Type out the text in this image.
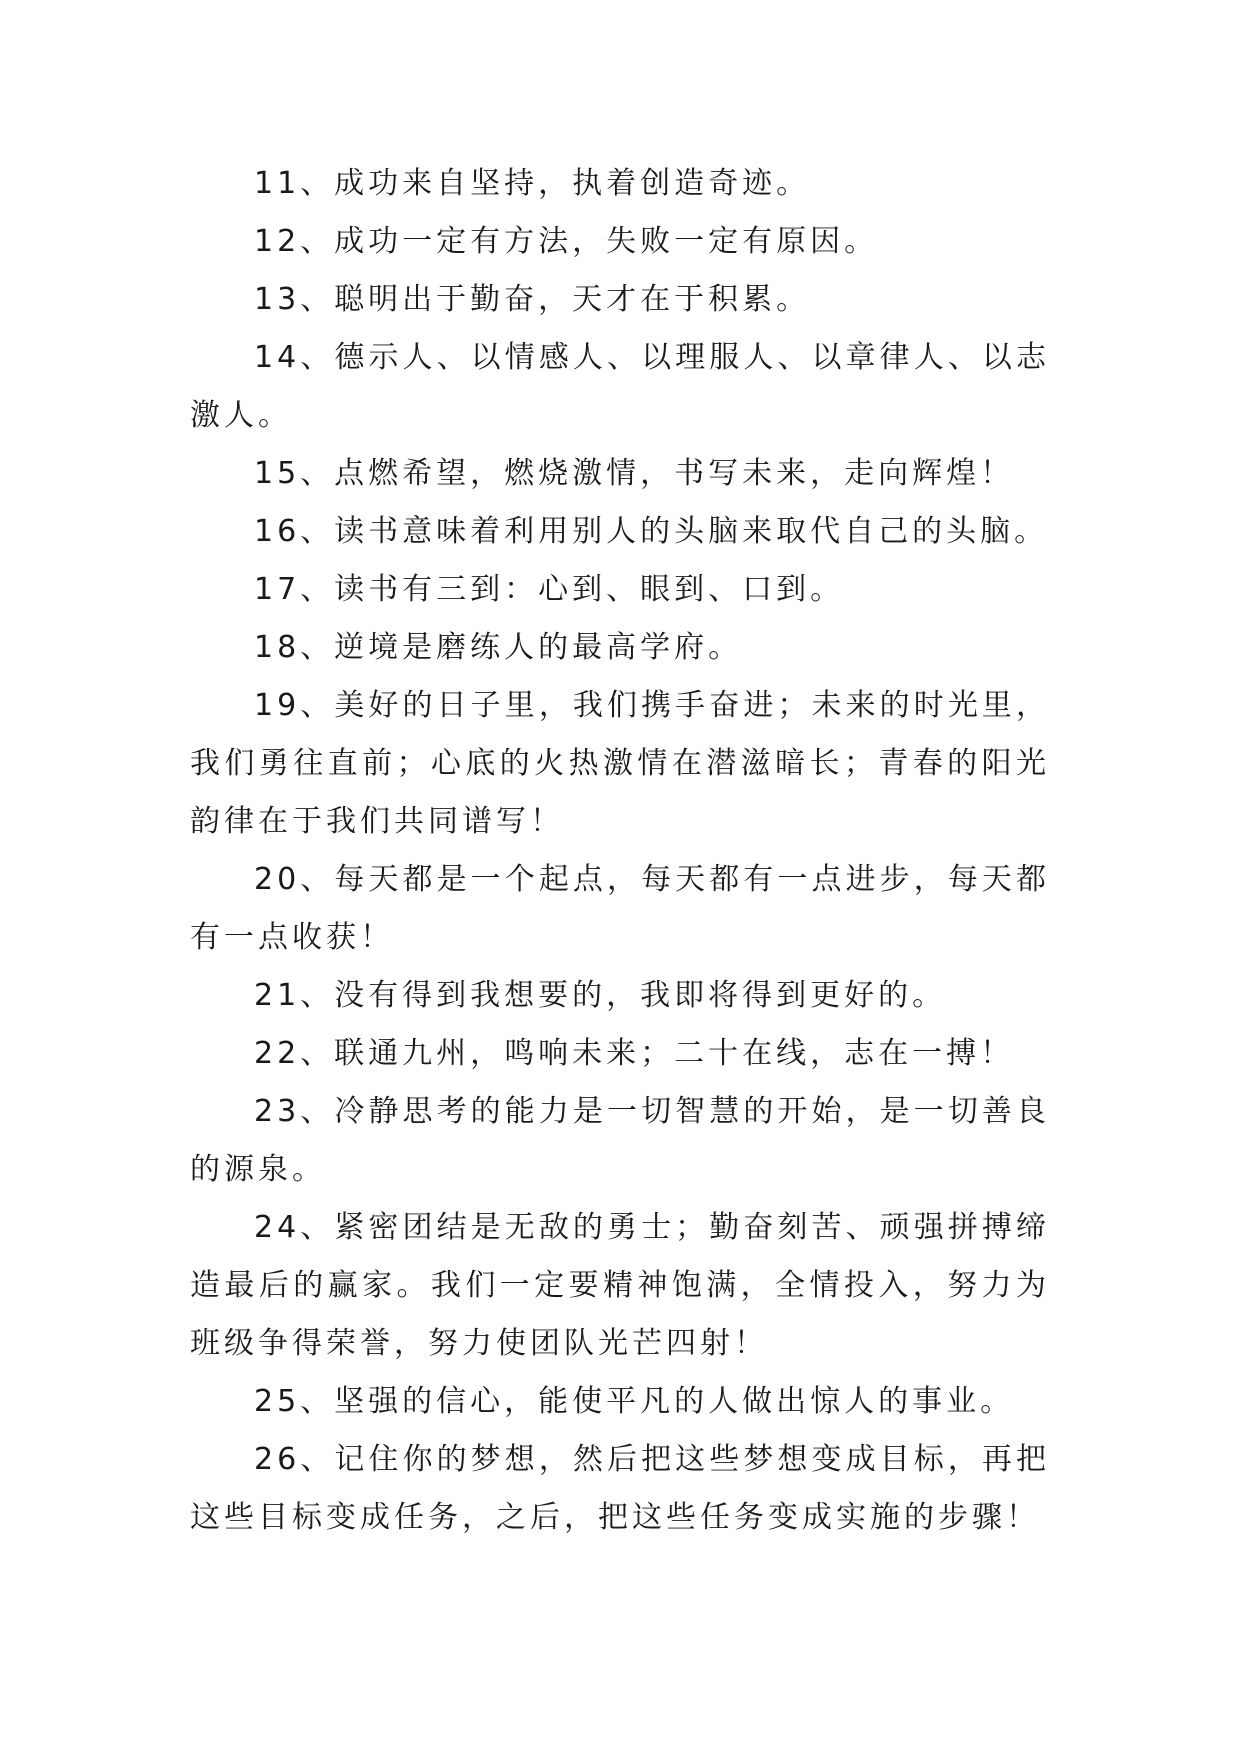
11、成功来自坚持，执着创造奇迹。

12、成功一定有方法，失败一定有原因。

13、聪明出于勤奋，天才在于积累。

14、德示人、以情感人、以理服人、以章律人、以志激人。

15、点燃希望，燃烧激情，书写未来，走向辉煌！

16、读书意味着利用别人的头脑来取代自己的头脑。

17、读书有三到：心到、眼到、口到。

18、逆境是磨练人的最高学府。

19、美好的日子里，我们携手奋进；未来的时光里，我们勇往直前；心底的火热激情在潜滋暗长；青春的阳光韵律在于我们共同谱写！

20、每天都是一个起点，每天都有一点进步，每天都有一点收获！

21、没有得到我想要的，我即将得到更好的。

22、联通九州，鸣响未来；二十在线，志在一搏！

23、冷静思考的能力是一切智慧的开始，是一切善良的源泉。

24、紧密团结是无敌的勇士；勤奋刻苦、顽强拼搏缔造最后的赢家。我们一定要精神饱满，全情投入，努力为班级争得荣誉，努力使团队光芒四射！

25、坚强的信心，能使平凡的人做出惊人的事业。

26、记住你的梦想，然后把这些梦想变成目标，再把这些目标变成任务，之后，把这些任务变成实施的步骤！
